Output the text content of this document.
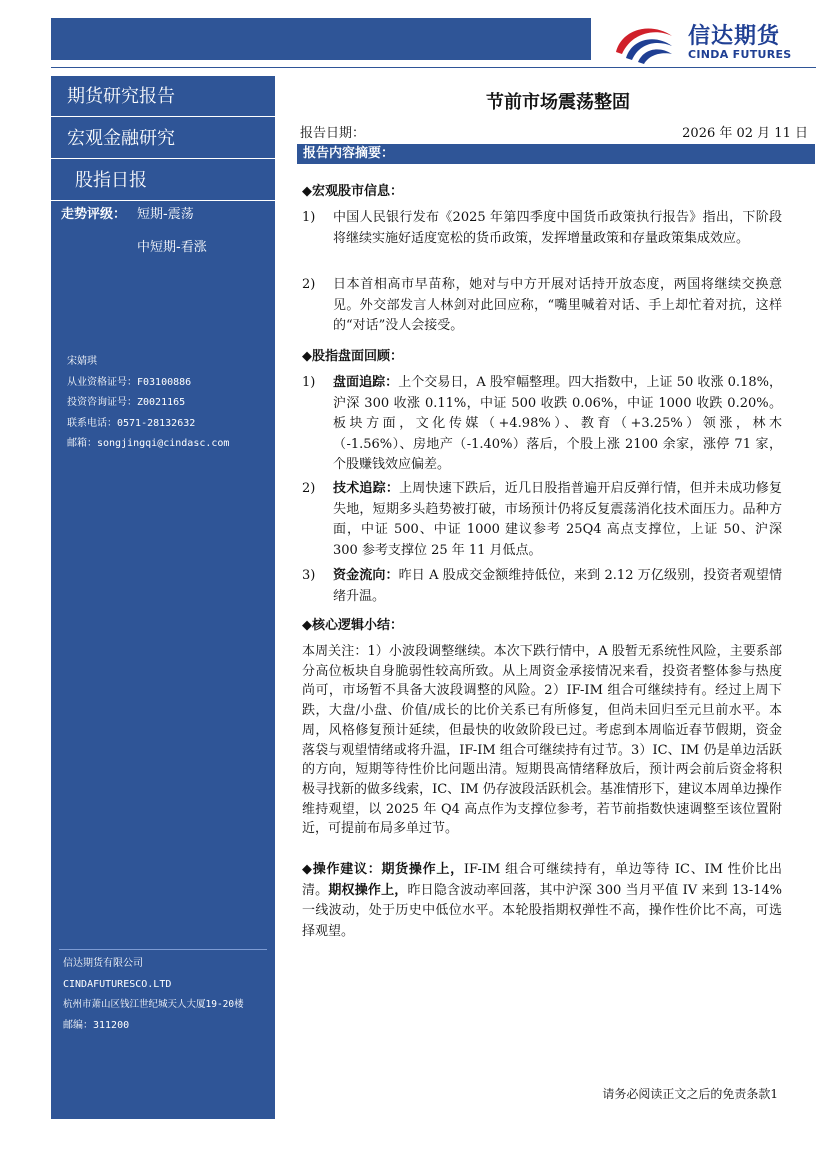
信达期货
CINDA FUTURES
期货研究报告
宏观金融研究
股指日报
走势评级： 短期-震荡
中短期-看涨
宋婧琪
从业资格证号：F03100886
投资咨询证号：Z0021165
联系电话：0571-28132632
邮箱：songjingqi@cindasc.com
信达期货有限公司
CINDAFUTURESCO.LTD
杭州市萧山区钱江世纪城天人大厦19-20楼
邮编：311200
节前市场震荡整固
报告日期：	2026 年 02 月 11 日
报告内容摘要：
◆宏观股市信息：
1) 中国人民银行发布《2025 年第四季度中国货币政策执行报告》指出，下阶段将继续实施好适度宽松的货币政策，发挥增量政策和存量政策集成效应。
2) 日本首相高市早苗称，她对与中方开展对话持开放态度，两国将继续交换意见。外交部发言人林剑对此回应称，“嘴里喊着对话、手上却忙着对抗，这样的“对话”没人会接受。
◆股指盘面回顾：
1) 盘面追踪：上个交易日，A 股窄幅整理。四大指数中，上证 50 收涨 0.18%，沪深 300 收涨 0.11%，中证 500 收跌 0.06%，中证 1000 收跌 0.20%。板块方面，文化传媒（+4.98%）、教育（+3.25%）领涨，林木（-1.56%）、房地产（-1.40%）落后，个股上涨 2100 余家，涨停 71 家，个股赚钱效应偏差。
2) 技术追踪：上周快速下跌后，近几日股指普遍开启反弹行情，但并未成功修复失地，短期多头趋势被打破，市场预计仍将反复震荡消化技术面压力。品种方面，中证 500、中证 1000 建议参考 25Q4 高点支撑位，上证 50、沪深 300 参考支撑位 25 年 11 月低点。
3) 资金流向：昨日 A 股成交金额维持低位，来到 2.12 万亿级别，投资者观望情绪升温。
◆核心逻辑小结：
本周关注：1）小波段调整继续。本次下跌行情中，A 股暂无系统性风险，主要系部分高位板块自身脆弱性较高所致。从上周资金承接情况来看，投资者整体参与热度尚可，市场暂不具备大波段调整的风险。2）IF-IM 组合可继续持有。经过上周下跌，大盘/小盘、价值/成长的比价关系已有所修复，但尚未回归至元旦前水平。本周，风格修复预计延续，但最快的收敛阶段已过。考虑到本周临近春节假期，资金落袋与观望情绪或将升温，IF-IM 组合可继续持有过节。3）IC、IM 仍是单边活跃的方向，短期等待性价比问题出清。短期畏高情绪释放后，预计两会前后资金将积极寻找新的做多线索，IC、IM 仍存波段活跃机会。基准情形下，建议本周单边操作维持观望，以 2025 年 Q4 高点作为支撑位参考，若节前指数快速调整至该位置附近，可提前布局多单过节。
◆操作建议：期货操作上，IF-IM 组合可继续持有，单边等待 IC、IM 性价比出清。期权操作上，昨日隐含波动率回落，其中沪深 300 当月平值 IV 来到 13-14%一线波动，处于历史中低位水平。本轮股指期权弹性不高，操作性价比不高，可选择观望。
请务必阅读正文之后的免责条款1
